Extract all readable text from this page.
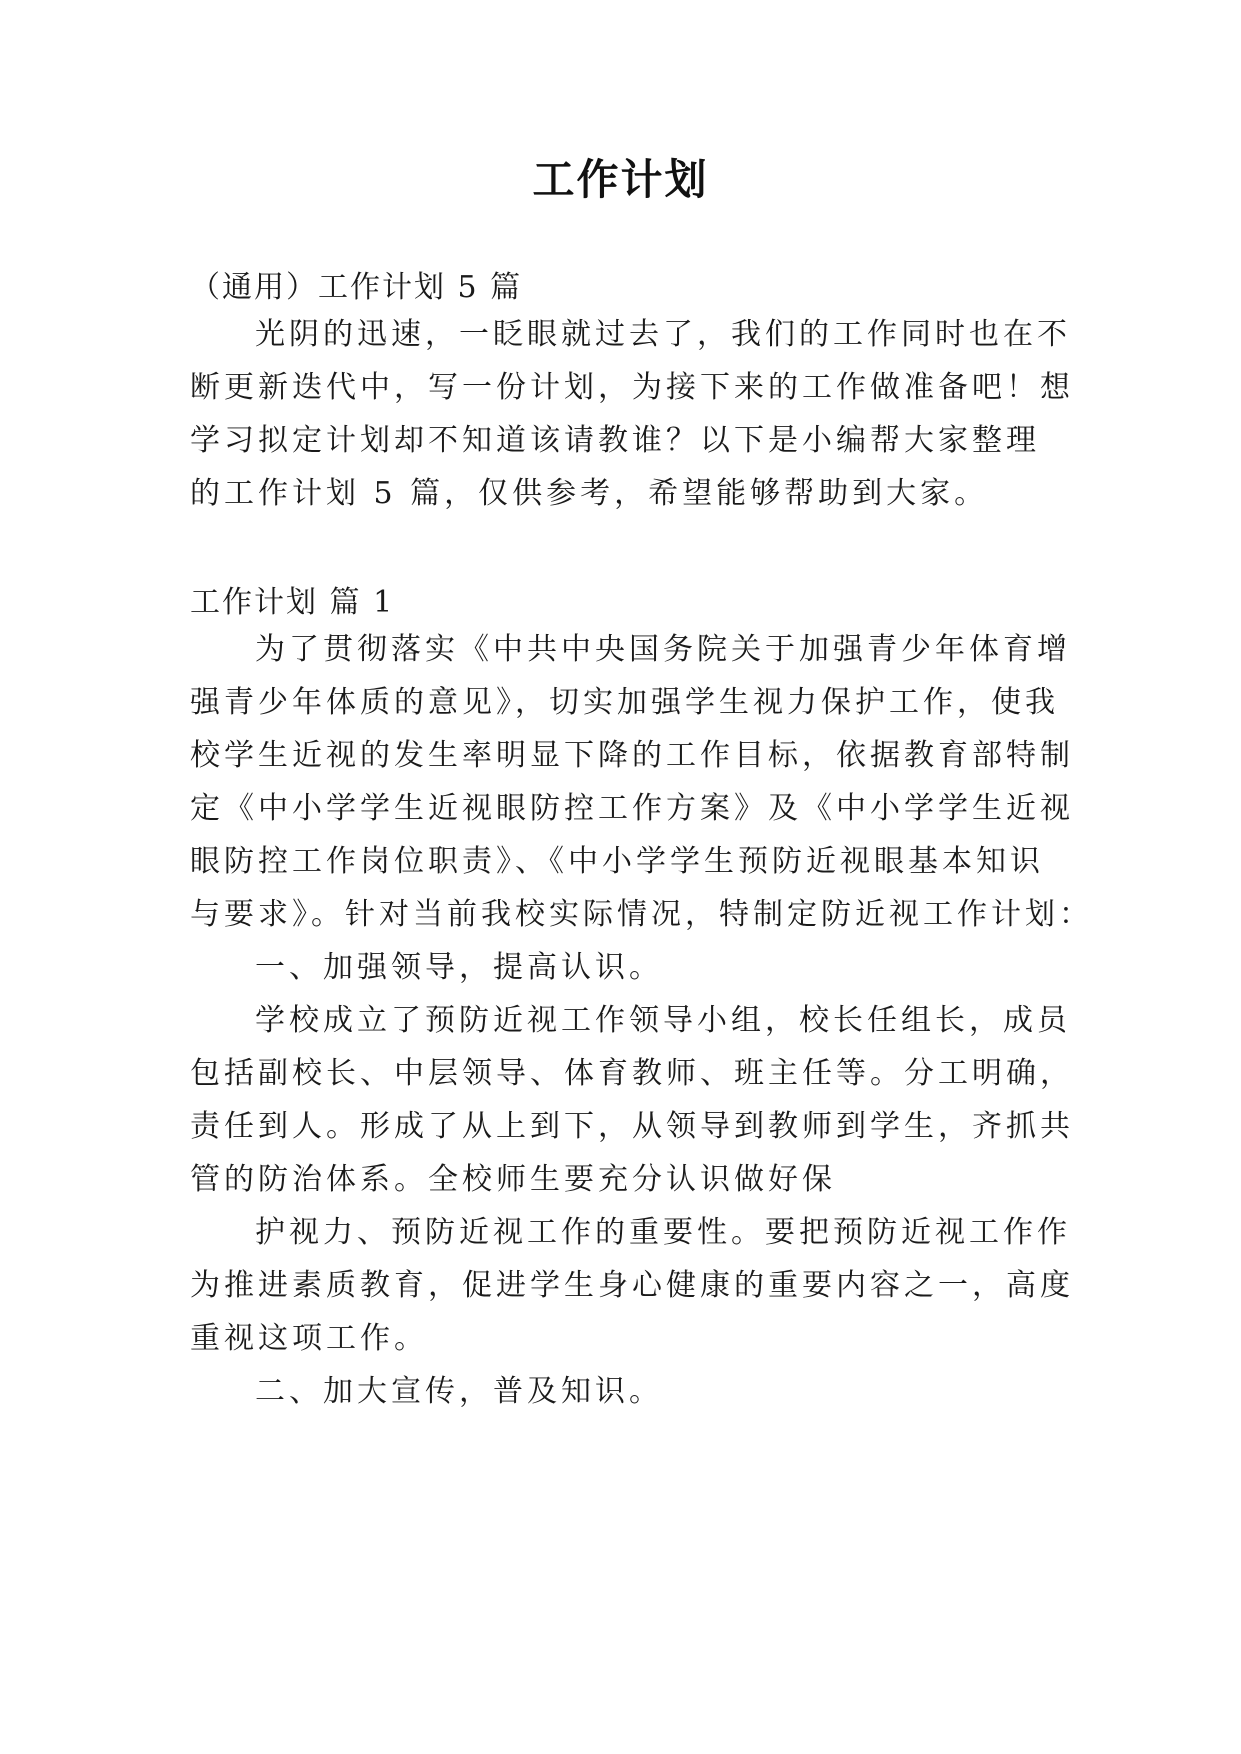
工作计划

（通用）工作计划 5 篇

光阴的迅速，一眨眼就过去了，我们的工作同时也在不

断更新迭代中，写一份计划，为接下来的工作做准备吧！想

学习拟定计划却不知道该请教谁？以下是小编帮大家整理

的工作计划 5 篇，仅供参考，希望能够帮助到大家。

工作计划 篇 1

为了贯彻落实《中共中央国务院关于加强青少年体育增

强青少年体质的意见》，切实加强学生视力保护工作，使我

校学生近视的发生率明显下降的工作目标，依据教育部特制

定《中小学学生近视眼防控工作方案》及《中小学学生近视

眼防控工作岗位职责》、《中小学学生预防近视眼基本知识

与要求》。针对当前我校实际情况，特制定防近视工作计划：

一、加强领导，提高认识。

学校成立了预防近视工作领导小组，校长任组长，成员

包括副校长、中层领导、体育教师、班主任等。分工明确，

责任到人。形成了从上到下，从领导到教师到学生，齐抓共

管的防治体系。全校师生要充分认识做好保

护视力、预防近视工作的重要性。要把预防近视工作作

为推进素质教育，促进学生身心健康的重要内容之一，高度

重视这项工作。

二、加大宣传，普及知识。
